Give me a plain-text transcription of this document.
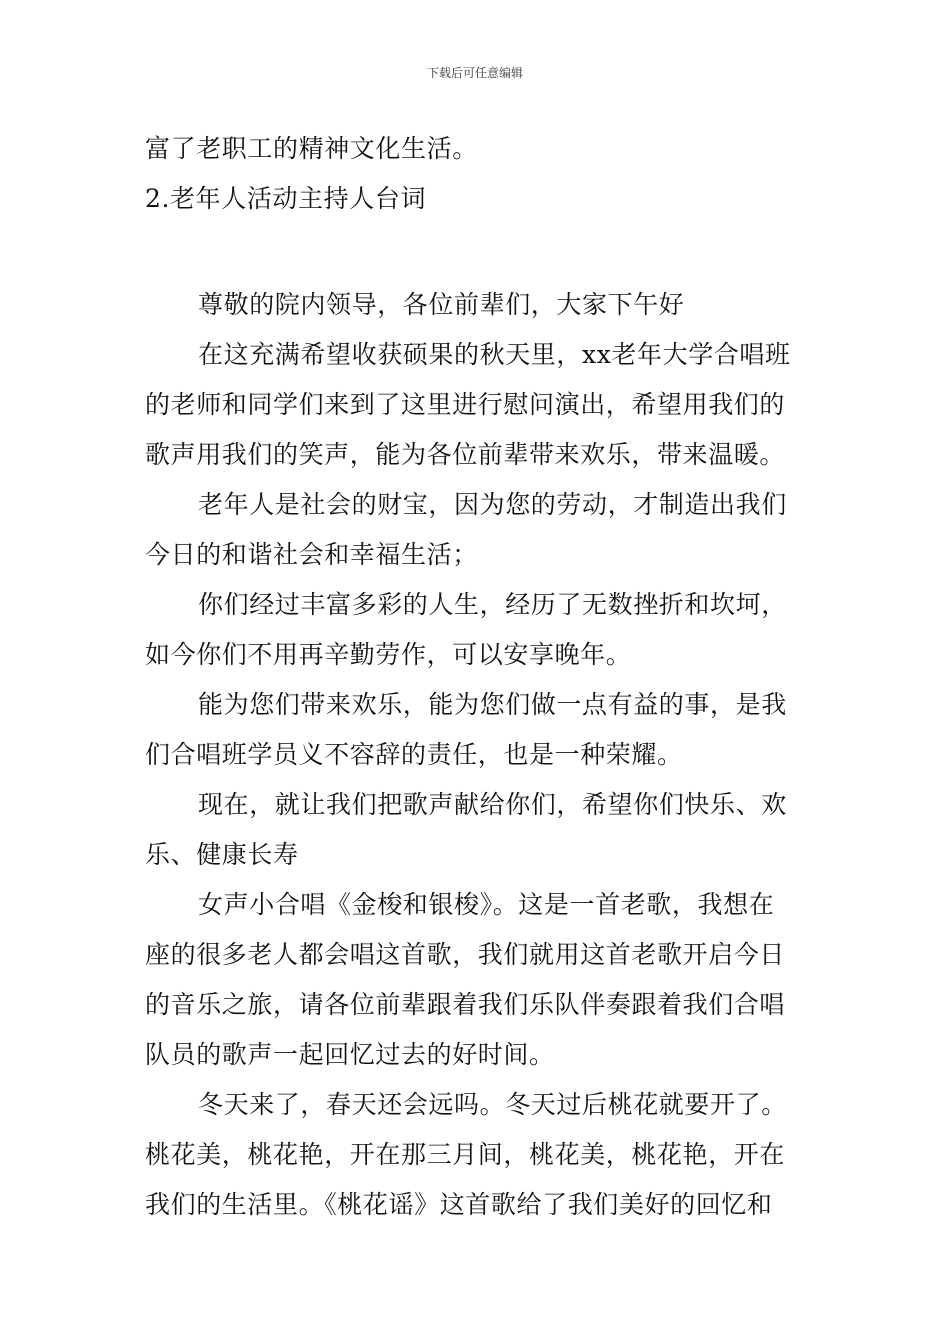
下载后可任意编辑
富了老职工的精神文化生活。
2.老年人活动主持人台词
尊敬的院内领导，各位前辈们，大家下午好
在这充满希望收获硕果的秋天里，xx老年大学合唱班
的老师和同学们来到了这里进行慰问演出，希望用我们的
歌声用我们的笑声，能为各位前辈带来欢乐，带来温暖。
老年人是社会的财宝，因为您的劳动，才制造出我们
今日的和谐社会和幸福生活；
你们经过丰富多彩的人生，经历了无数挫折和坎坷，
如今你们不用再辛勤劳作，可以安享晚年。
能为您们带来欢乐，能为您们做一点有益的事，是我
们合唱班学员义不容辞的责任，也是一种荣耀。
现在，就让我们把歌声献给你们，希望你们快乐、欢
乐、健康长寿
女声小合唱《金梭和银梭》。这是一首老歌，我想在
座的很多老人都会唱这首歌，我们就用这首老歌开启今日
的音乐之旅，请各位前辈跟着我们乐队伴奏跟着我们合唱
队员的歌声一起回忆过去的好时间。
冬天来了，春天还会远吗。冬天过后桃花就要开了。
桃花美，桃花艳，开在那三月间，桃花美，桃花艳，开在
我们的生活里。《桃花谣》这首歌给了我们美好的回忆和
